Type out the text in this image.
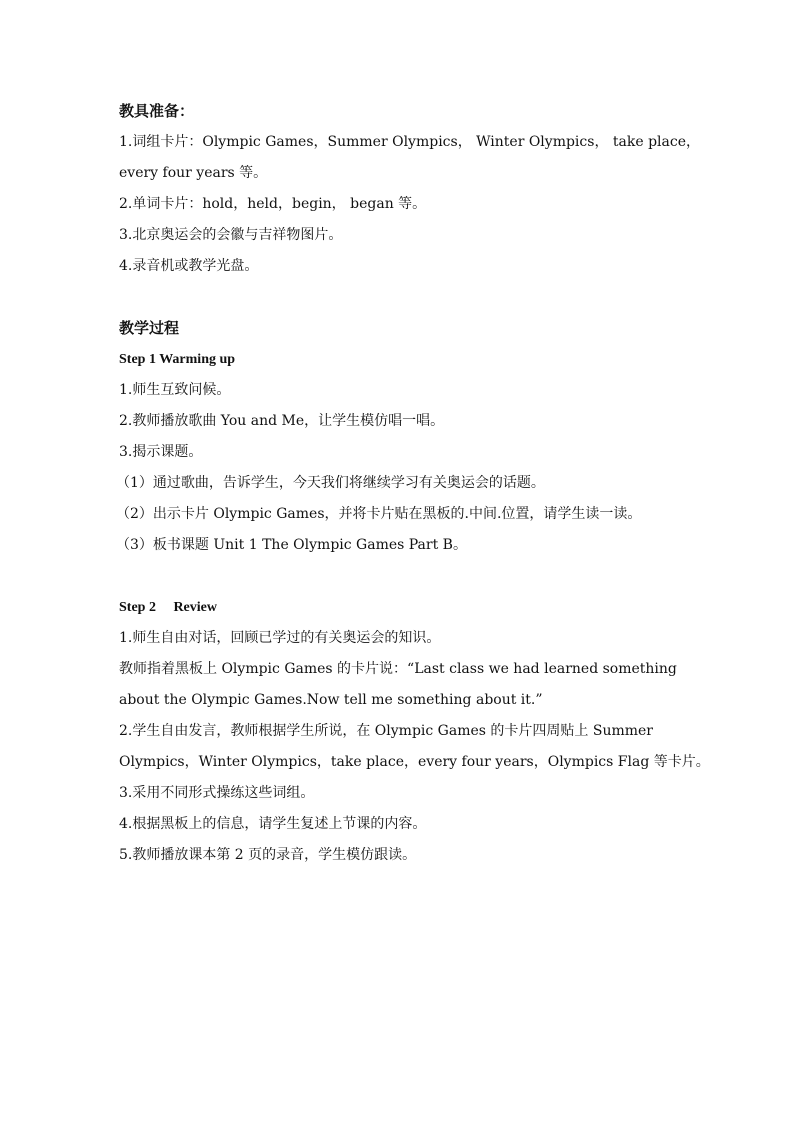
教具准备：
1.词组卡片：Olympic Games，Summer Olympics， Winter Olympics， take place，
every four years 等。
2.单词卡片：hold，held，begin， began 等。
3.北京奥运会的会徽与吉祥物图片。
4.录音机或教学光盘。
教学过程
Step 1 Warming up
1.师生互致问候。
2.教师播放歌曲 You and Me，让学生模仿唱一唱。
3.揭示课题。
（1）通过歌曲，告诉学生，今天我们将继续学习有关奥运会的话题。
（2）出示卡片 Olympic Games，并将卡片贴在黑板的.中间.位置，请学生读一读。
（3）板书课题 Unit 1 The Olympic Games Part B。
Step 2     Review
1.师生自由对话，回顾已学过的有关奥运会的知识。
教师指着黑板上 Olympic Games 的卡片说：“Last class we had learned something
about the Olympic Games.Now tell me something about it.”
2.学生自由发言，教师根据学生所说，在 Olympic Games 的卡片四周贴上 Summer
Olympics，Winter Olympics，take place，every four years，Olympics Flag 等卡片。
3.采用不同形式操练这些词组。
4.根据黑板上的信息，请学生复述上节课的内容。
5.教师播放课本第 2 页的录音，学生模仿跟读。
